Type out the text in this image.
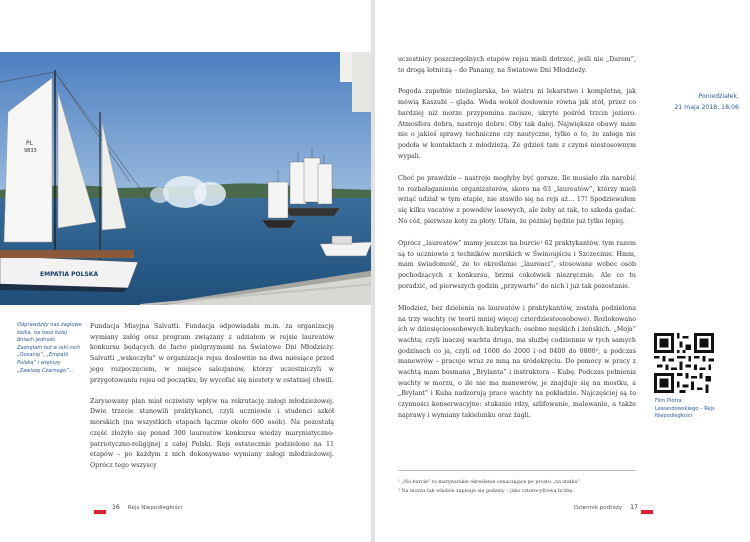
PL
9833
EMPATIA POLSKA

Odprawdziły nas żaglowe kolka, na nasz kolej dniach jedność. Zasnęłam też w ieki nich „Oceanię”, „Empatii Polską” i większy „Zawiszę Czarnego”…

Fundacja Misyjna Salvatti. Fundacja odpowiadała m.in. za organizację wymiany załóg oraz program związany z udziałem w rejsie laureatów konkursu będących de facto pielgrzymami na Światowe Dni Młodzieży. Salvatti „wskoczyła” w organizacje rejsu dosłownie na dwa miesiące przed jego rozpoczęciem, w miejsce salezjanów, którzy uczestniczyli w przygotowaniu rejsu od początku, by wycofać się niestety w ostatniej chwili.

Zarysowany plan miał ocziwisty wpływ na rekrutację załogi młodzieżowej. Dwie trzecie stanowili praktykanci, czyli uczniowie i studenci szkół morskich (na wszystkich etapach łącznie około 600 osób). Na pozostałą część złożyło się ponad 300 laureatów konkursu wiedzy marynistyczno-patriotyczno-religijnej z całej Polski. Rejs ostatecznie podzielono na 11 etapów – po każdym z nich dokonywano wymiany załogi młodzieżowej. Oprócz tego wszyscy

16 Rejs Niepodległości

uczestnicy poszczególnych etapów rejsu mieli dotrzeć, jeśli nie „Darem”, to drogą lotniczą – do Panamy, na Światowe Dni Młodzieży.

Pogoda zupełnie nieżeglarska, bo wiatru ni lekarstwo i kompletna, jak mówią Kaszubi – gląda. Woda wokół dosłownie równa jak stół, przez co bardziej niż morze przypomina zacisze, ukryte pośród trzcin jezioro. Atmosfera dobra, nastroje dobre. Oby tak dalej. Największe obawy mam nie o jakieś sprawy techniczne czy nautyczne, tylko o to, że załoga nie podoła w kontaktach z młodzieżą. Ze gdzieś tam z czymś niestosownym wypali.

Choć po prawdzie – nastroje mogłyby być gorsze. Ile musiało zła narobić to rozbałaganienie organizatorów, skoro na 63 „laureatów”, którzy mieli wziąć udział w tym etapie, nie stawiło się na rejs aż… 17! Spodziewałem się kilku vacatów z powodów losowych, ale żeby aż tak, to szkoda gadać. No cóż, pierwsze koty za płoty. Ufam, że później będzie już tylko lepiej.

Oprócz „laureatów” mamy jeszcze na burcie¹ 62 praktykantów, tym razem są to uczniowie z techników morskich w Świnoujściu i Szczecinie. Hmm, mam świadomość, że to określenie „laureaci”, stosowane wobec osób pochodzących z konkursu, brzmi cokolwiek niezręcznie. Ale co tu poradzić, od pierwszych godzin „przywarło” do nich i już tak pozostanie.

Młodzież, bez dzielenia na laureatów i praktykantów, została podzielona na trzy wachty (w teorii mniej więcej czterdziestoosobowe). Rozlokowano ich w dziesięcioosobowych kubrykach: osobno męskich i żeńskich. „Moja” wachta, czyli inaczej wachta druga, ma służbę codziennie w tych samych godzinach co ja, czyli od 1600 do 2000 i od 0400 do 0800², a podczas manewrów – pracuje wraz ze mną na śródokręciu. Do pomocy w pracy z wachtą mam bosmana „Brylanta” i instruktora – Kubę. Podczas pełnienia wachty w morzu, o ile nie ma manewrów, je znajduje się na mostku, a „Brylant” i Kuba nadzorują prace wachty na pokładzie. Najczęściej są to czynności konserwacyjne: stukanie rdzy, szlifowanie, malowanie, a także naprawy i wymiany takielunku oraz żagli.

Poniedziałek,
21 maja 2018, 18:06
Film Piotra Lewandowskiego – Rejs Niepodległości
¹ „Na burcie” to marynarskie określenie oznaczające po prostu „na statku”.
² Na morzu tak właśnie zapisuje się godziny – jako czterocyfrową liczbę.
Dziennik podróży 17
